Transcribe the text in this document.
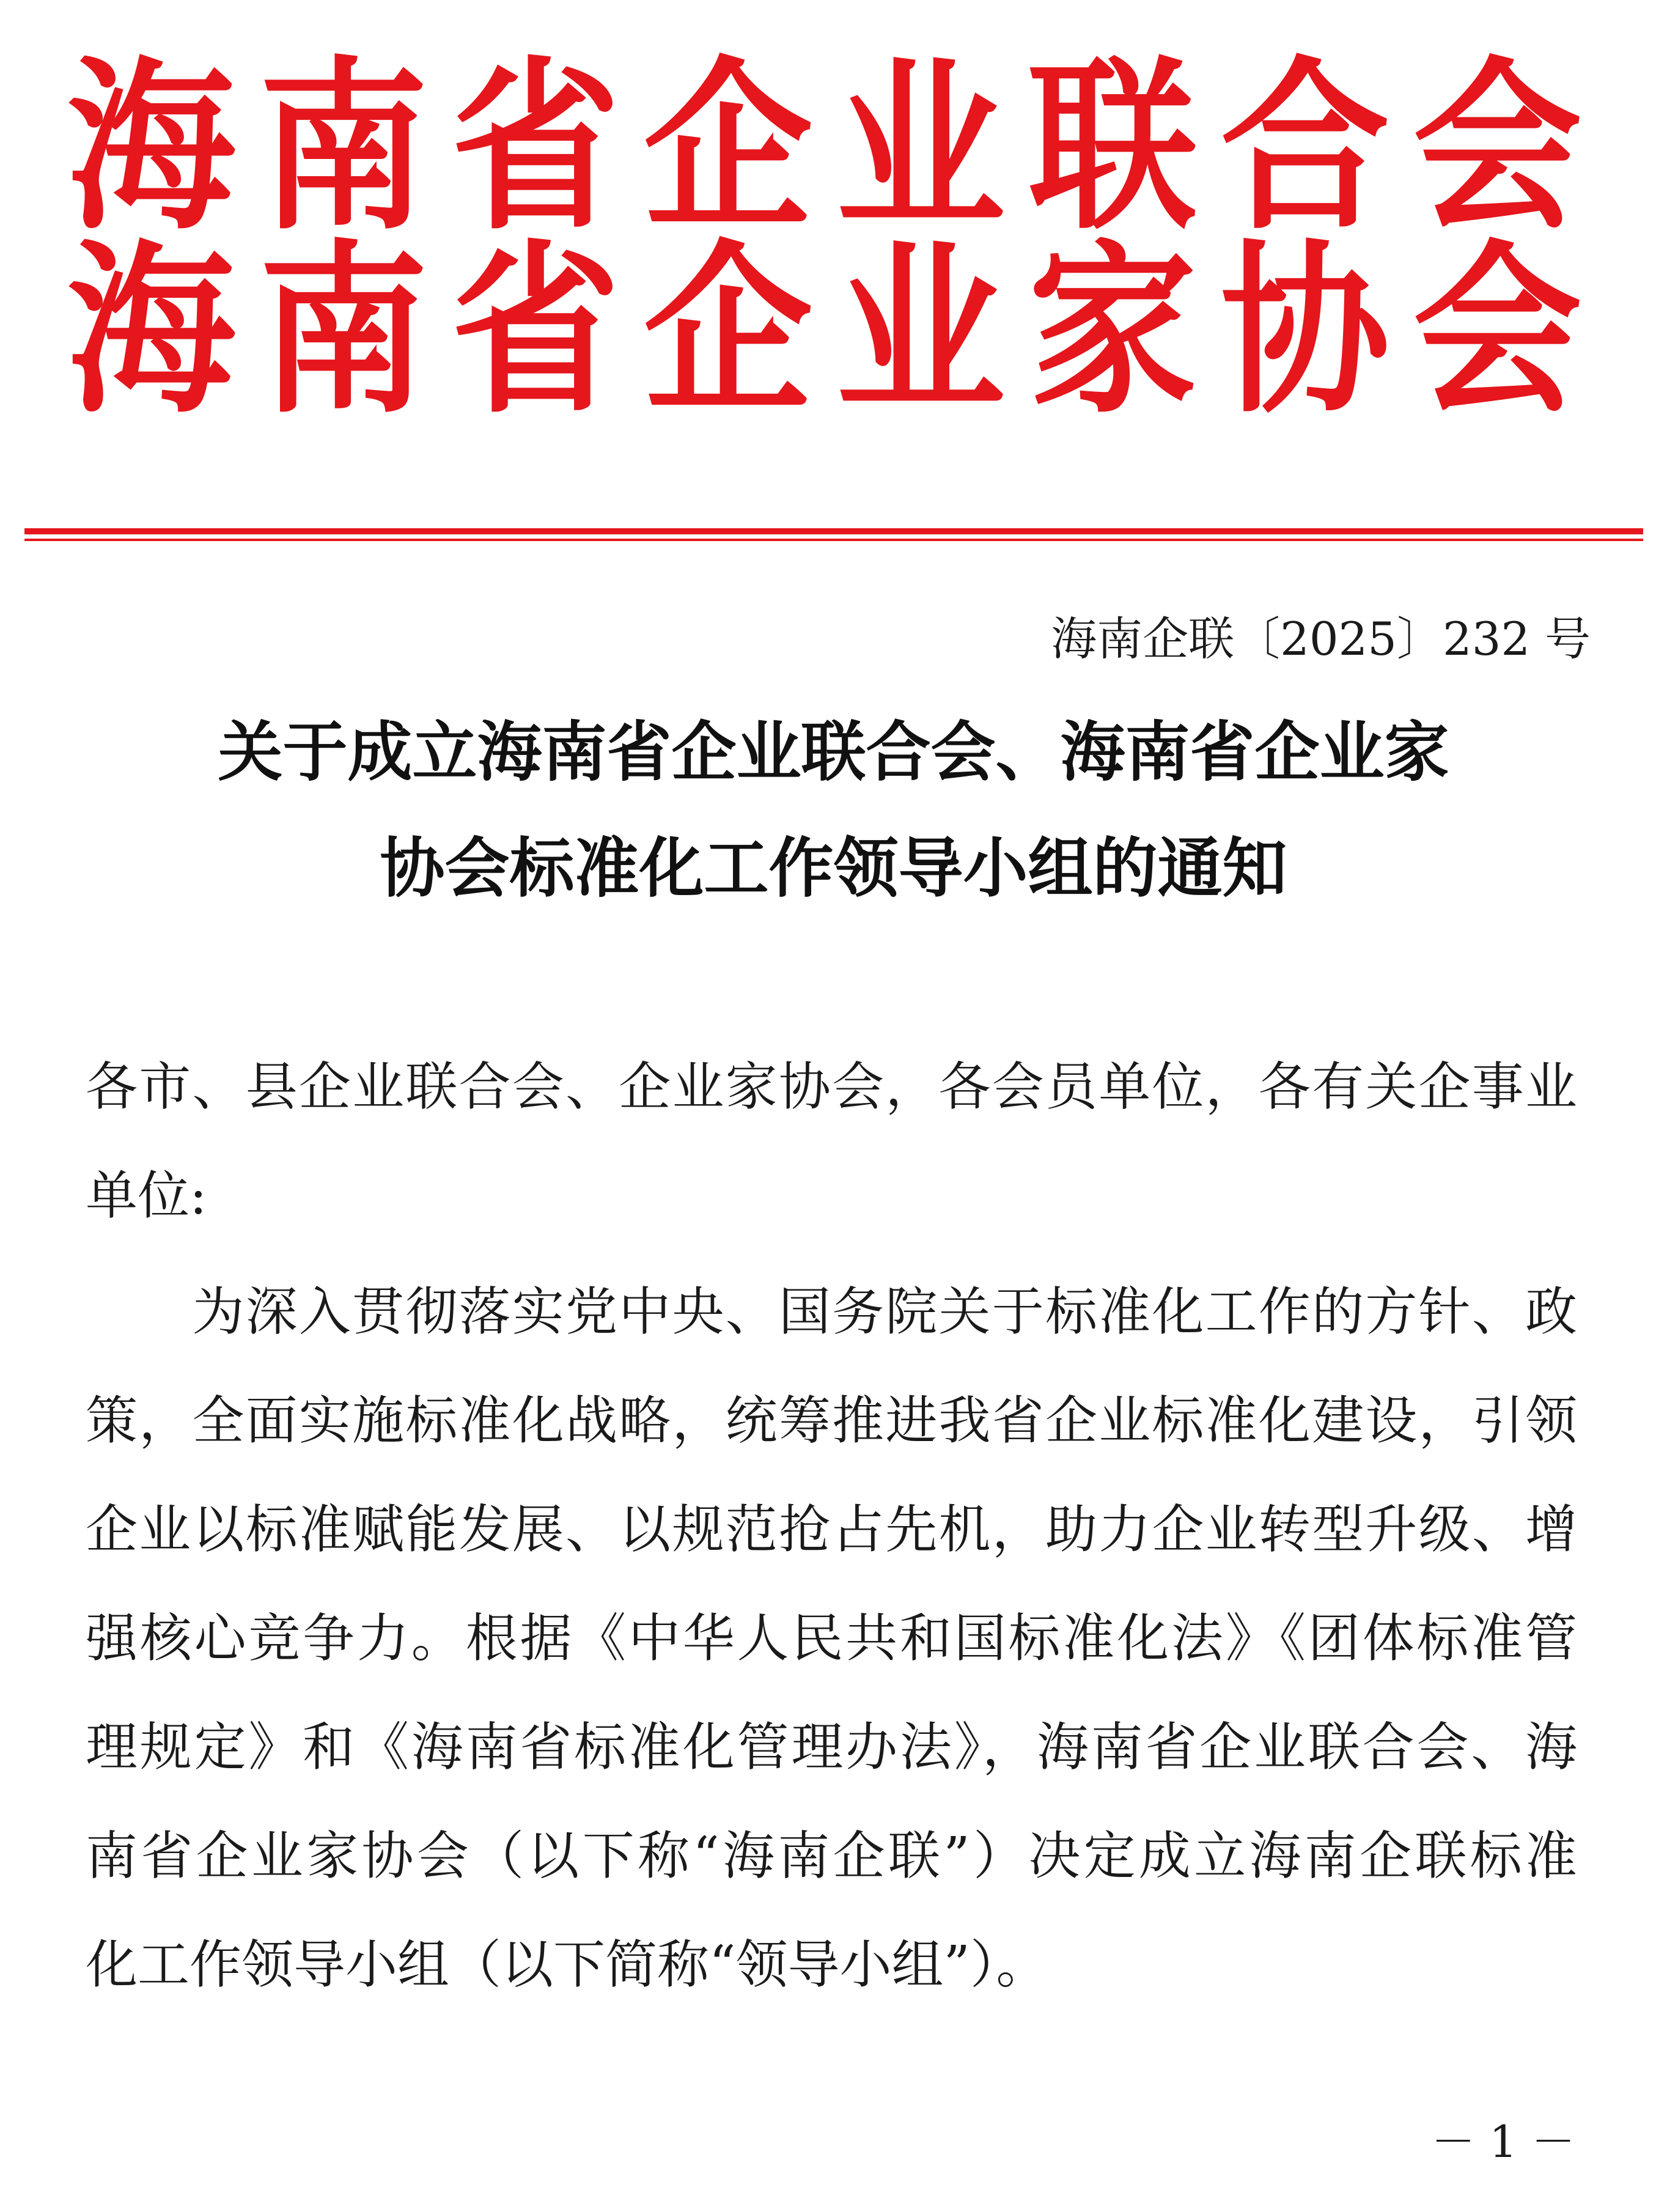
海南省企业联合会
海南省企业家协会
海南企联〔2025〕232 号
关于成立海南省企业联合会、海南省企业家
协会标准化工作领导小组的通知
各市、县企业联合会、企业家协会，各会员单位，各有关企事业
单位:
　　为深入贯彻落实党中央、国务院关于标准化工作的方针、政
策，全面实施标准化战略，统筹推进我省企业标准化建设，引领
企业以标准赋能发展、以规范抢占先机，助力企业转型升级、增
强核心竞争力。根据《中华人民共和国标准化法》《团体标准管
理规定》和《海南省标准化管理办法》，海南省企业联合会、海
南省企业家协会（以下称“海南企联”）决定成立海南企联标准
化工作领导小组（以下简称“领导小组”）。
－ 1 －
